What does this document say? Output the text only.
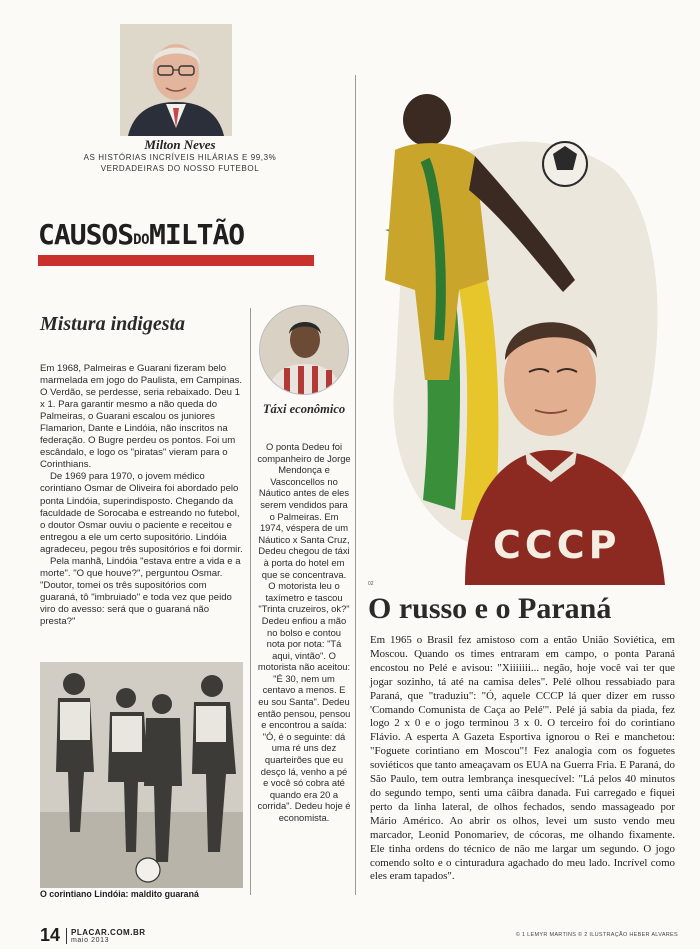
Milton Neves
AS HISTÓRIAS INCRÍVEIS HILÁRIAS E 99,3% VERDADEIRAS DO NOSSO FUTEBOL
CAUSOSDOMILTÃO
Mistura indigesta

Em 1968, Palmeiras e Guarani fizeram belo marmelada em jogo do Paulista, em Campinas. O Verdão, se perdesse, seria rebaixado. Deu 1 x 1. Para garantir mesmo a não queda do Palmeiras, o Guarani escalou os juniores Flamarion, Dante e Lindóia, não inscritos na federação. O Bugre perdeu os pontos. Foi um escândalo, e logo os "piratas" vieram para o Corinthians.

De 1969 para 1970, o jovem médico corintiano Osmar de Oliveira foi abordado pelo ponta Lindóia, superindisposto. Chegando da faculdade de Sorocaba e estreando no futebol, o doutor Osmar ouviu o paciente e receitou e entregou a ele um certo supositório. Lindóia agradeceu, pegou três supositórios e foi dormir.

Pela manhã, Lindóia "estava entre a vida e a morte". "O que houve?", perguntou Osmar. "Doutor, tomei os três supositórios com guaraná, tô "imbruiado" e toda vez que peido viro do avesso: será que o guaraná não presta?"

O corintiano Lindóia: maldito guaraná
Táxi econômico

O ponta Dedeu foi companheiro de Jorge Mendonça e Vasconcellos no Náutico antes de eles serem vendidos para o Palmeiras. Em 1974, véspera de um Náutico x Santa Cruz, Dedeu chegou de táxi à porta do hotel em que se concentrava.

O motorista leu o taxímetro e tascou "Trinta cruzeiros, ok?" Dedeu enfiou a mão no bolso e contou nota por nota: "Tá aqui, vintão". O motorista não aceitou: "É 30, nem um centavo a menos. E eu sou Santa". Dedeu então pensou, pensou e encontrou a saída: "Ó, é o seguinte: dá uma ré uns dez quarteirões que eu desço lá, venho a pé e você só cobra até quando era 20 a corrida". Dedeu hoje é economista.

CCCP
02
O russo e o Paraná
Em 1965 o Brasil fez amistoso com a então União Soviética, em Moscou. Quando os times entraram em campo, o ponta Paraná encostou no Pelé e avisou: "Xiiiiiii... negão, hoje você vai ter que jogar sozinho, tá até na camisa deles". Pelé olhou ressabiado para Paraná, que "traduziu": "Ó, aquele CCCP lá quer dizer em russo 'Comando Comunista de Caça ao Pelé'". Pelé já sabia da piada, fez logo 2 x 0 e o jogo terminou 3 x 0. O terceiro foi do corintiano Flávio. A esperta A Gazeta Esportiva ignorou o Rei e manchetou: "Foguete corintiano em Moscou"! Fez analogia com os foguetes soviéticos que tanto ameaçavam os EUA na Guerra Fria. E Paraná, do São Paulo, tem outra lembrança inesquecível: "Lá pelos 40 minutos do segundo tempo, senti uma câibra danada. Fui carregado e fiquei perto da linha lateral, de olhos fechados, sendo massageado por Mário Américo. Ao abrir os olhos, levei um susto vendo meu marcador, Leonid Ponomariev, de cócoras, me olhando fixamente. Ele tinha ordens do técnico de não me largar um segundo. O jogo comendo solto e o cinturadura agachado do meu lado. Incrível como eles eram tapados".
14 PLACAR.COM.BR
maio 2013
© 1 LEMYR MARTINS © 2 ILUSTRAÇÃO HEBER ALVARES
